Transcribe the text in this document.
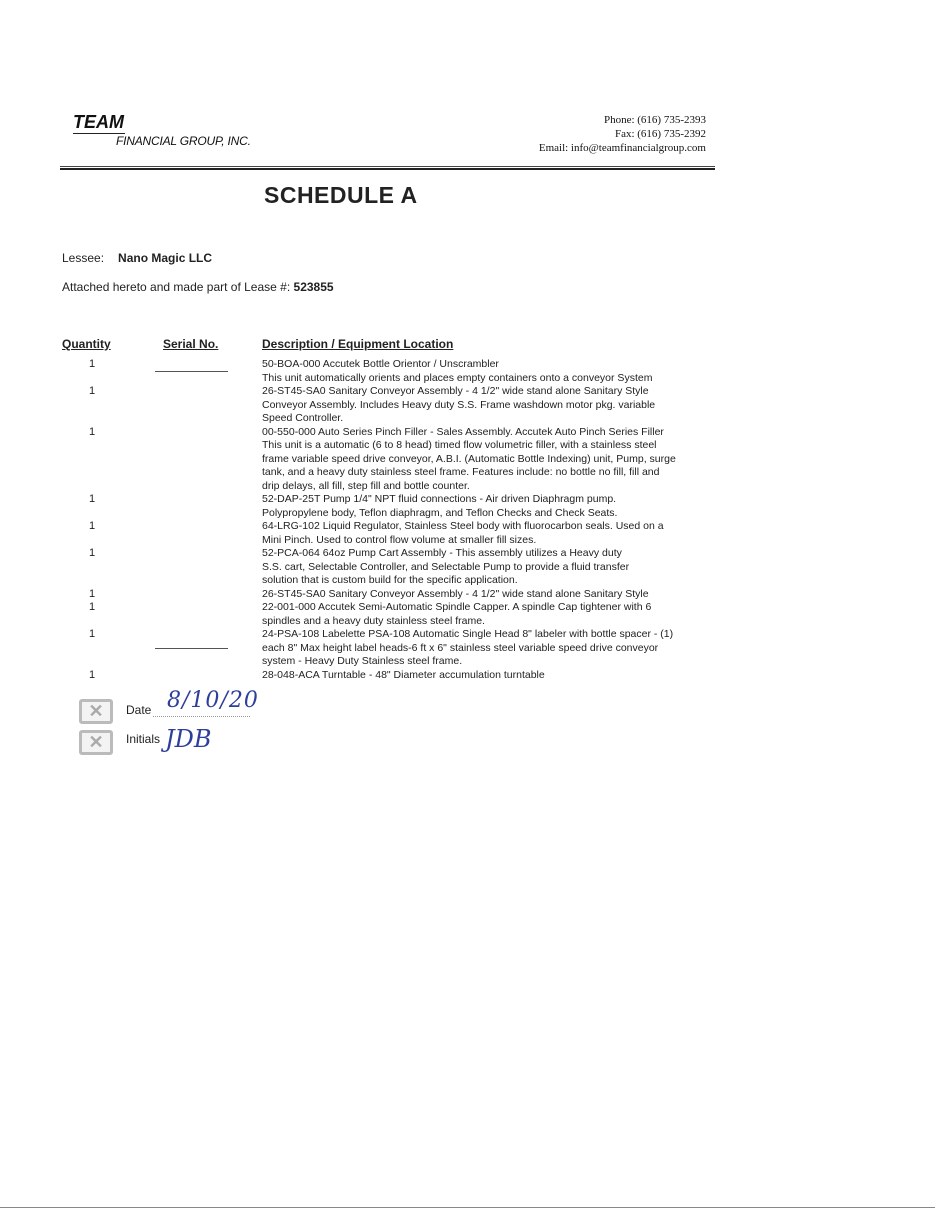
TEAM
FINANCIAL GROUP, INC.
Phone: (616) 735-2393
Fax: (616) 735-2392
Email: info@teamfinancialgroup.com
SCHEDULE A
Lessee: Nano Magic LLC
Attached hereto and made part of Lease #: 523855
Quantity	Serial No.	Description / Equipment Location
1	50-BOA-000 Accutek Bottle Orientor / Unscrambler
This unit automatically orients and places empty containers onto a conveyor System
1	26-ST45-SA0 Sanitary Conveyor Assembly - 4 1/2" wide stand alone Sanitary Style
Conveyor Assembly. Includes Heavy duty S.S. Frame washdown motor pkg. variable
Speed Controller.
1	00-550-000 Auto Series Pinch Filler - Sales Assembly. Accutek Auto Pinch Series Filler
This unit is a automatic (6 to 8 head) timed flow volumetric filler, with a stainless steel
frame variable speed drive conveyor, A.B.I. (Automatic Bottle Indexing) unit, Pump, surge
tank, and a heavy duty stainless steel frame. Features include: no bottle no fill, fill and
drip delays, all fill, step fill and bottle counter.
1	52-DAP-25T Pump 1/4" NPT fluid connections - Air driven Diaphragm pump.
Polypropylene body, Teflon diaphragm, and Teflon Checks and Check Seats.
1	64-LRG-102 Liquid Regulator, Stainless Steel body with fluorocarbon seals. Used on a
Mini Pinch. Used to control flow volume at smaller fill sizes.
1	52-PCA-064 64oz Pump Cart Assembly - This assembly utilizes a Heavy duty
S.S. cart, Selectable Controller, and Selectable Pump to provide a fluid transfer
solution that is custom build for the specific application.
1	26-ST45-SA0 Sanitary Conveyor Assembly - 4 1/2" wide stand alone Sanitary Style
1	22-001-000 Accutek Semi-Automatic Spindle Capper. A spindle Cap tightener with 6
spindles and a heavy duty stainless steel frame.
1	24-PSA-108 Labelette PSA-108 Automatic Single Head 8" labeler with bottle spacer - (1)
each 8" Max height label heads-6 ft x 6" stainless steel variable speed drive conveyor
system - Heavy Duty Stainless steel frame.
1	28-048-ACA Turntable - 48" Diameter accumulation turntable
✕	Date 8/10/20
✕	Initials JDB
